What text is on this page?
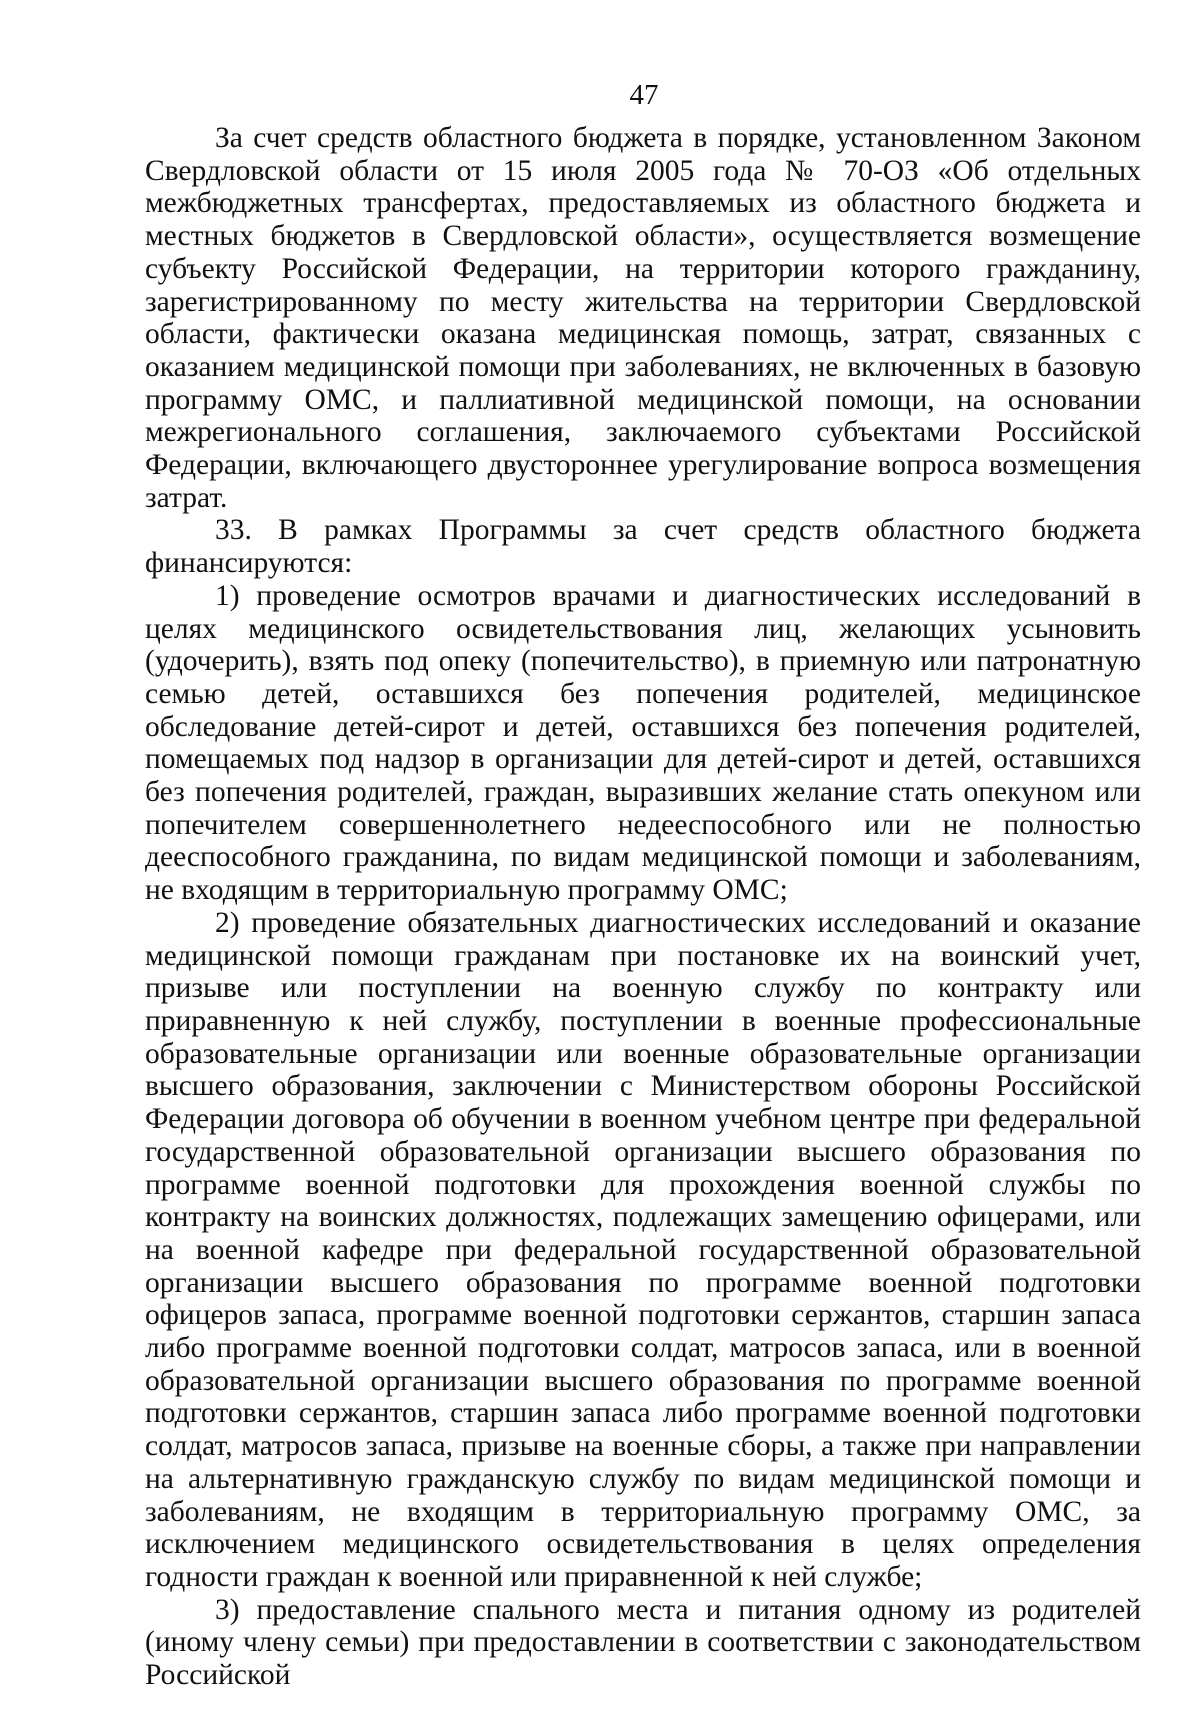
47

За счет средств областного бюджета в порядке, установленном Законом Свердловской области от 15 июля 2005 года № 70-ОЗ «Об отдельных межбюджетных трансфертах, предоставляемых из областного бюджета и местных бюджетов в Свердловской области», осуществляется возмещение субъекту Российской Федерации, на территории которого гражданину, зарегистрированному по месту жительства на территории Свердловской области, фактически оказана медицинская помощь, затрат, связанных с оказанием медицинской помощи при заболеваниях, не включенных в базовую программу ОМС, и паллиативной медицинской помощи, на основании межрегионального соглашения, заключаемого субъектами Российской Федерации, включающего двустороннее урегулирование вопроса возмещения затрат.

33. В рамках Программы за счет средств областного бюджета финансируются:

1) проведение осмотров врачами и диагностических исследований в целях медицинского освидетельствования лиц, желающих усыновить (удочерить), взять под опеку (попечительство), в приемную или патронатную семью детей, оставшихся без попечения родителей, медицинское обследование детей-сирот и детей, оставшихся без попечения родителей, помещаемых под надзор в организации для детей-сирот и детей, оставшихся без попечения родителей, граждан, выразивших желание стать опекуном или попечителем совершеннолетнего недееспособного или не полностью дееспособного гражданина, по видам медицинской помощи и заболеваниям, не входящим в территориальную программу ОМС;

2) проведение обязательных диагностических исследований и оказание медицинской помощи гражданам при постановке их на воинский учет, призыве или поступлении на военную службу по контракту или приравненную к ней службу, поступлении в военные профессиональные образовательные организации или военные образовательные организации высшего образования, заключении с Министерством обороны Российской Федерации договора об обучении в военном учебном центре при федеральной государственной образовательной организации высшего образования по программе военной подготовки для прохождения военной службы по контракту на воинских должностях, подлежащих замещению офицерами, или на военной кафедре при федеральной государственной образовательной организации высшего образования по программе военной подготовки офицеров запаса, программе военной подготовки сержантов, старшин запаса либо программе военной подготовки солдат, матросов запаса, или в военной образовательной организации высшего образования по программе военной подготовки сержантов, старшин запаса либо программе военной подготовки солдат, матросов запаса, призыве на военные сборы, а также при направлении на альтернативную гражданскую службу по видам медицинской помощи и заболеваниям, не входящим в территориальную программу ОМС, за исключением медицинского освидетельствования в целях определения годности граждан к военной или приравненной к ней службе;

3) предоставление спального места и питания одному из родителей (иному члену семьи) при предоставлении в соответствии с законодательством Российской
